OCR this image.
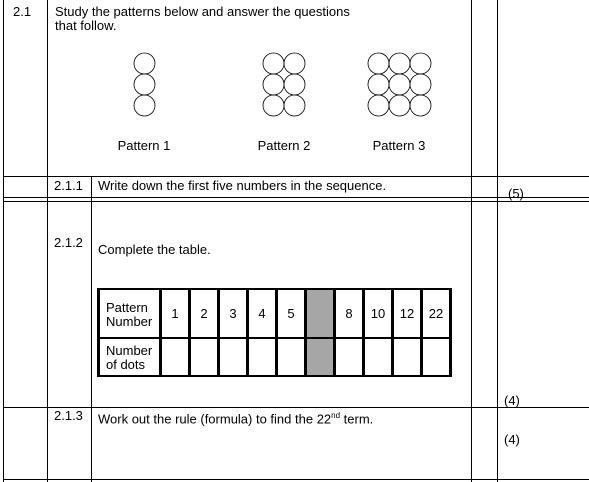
2.1 Study the patterns below and answer the questions
that follow.
Pattern 1	Pattern 2	Pattern 3
2.1.1 Write down the first five numbers in the sequence.
(5)
2.1.2 Complete the table.
Pattern
Number	1	2	3	4	5		8	10	12	22
Number
of dots										
(4)
2.1.3 Work out the rule (formula) to find the 22nd term.
(4)
